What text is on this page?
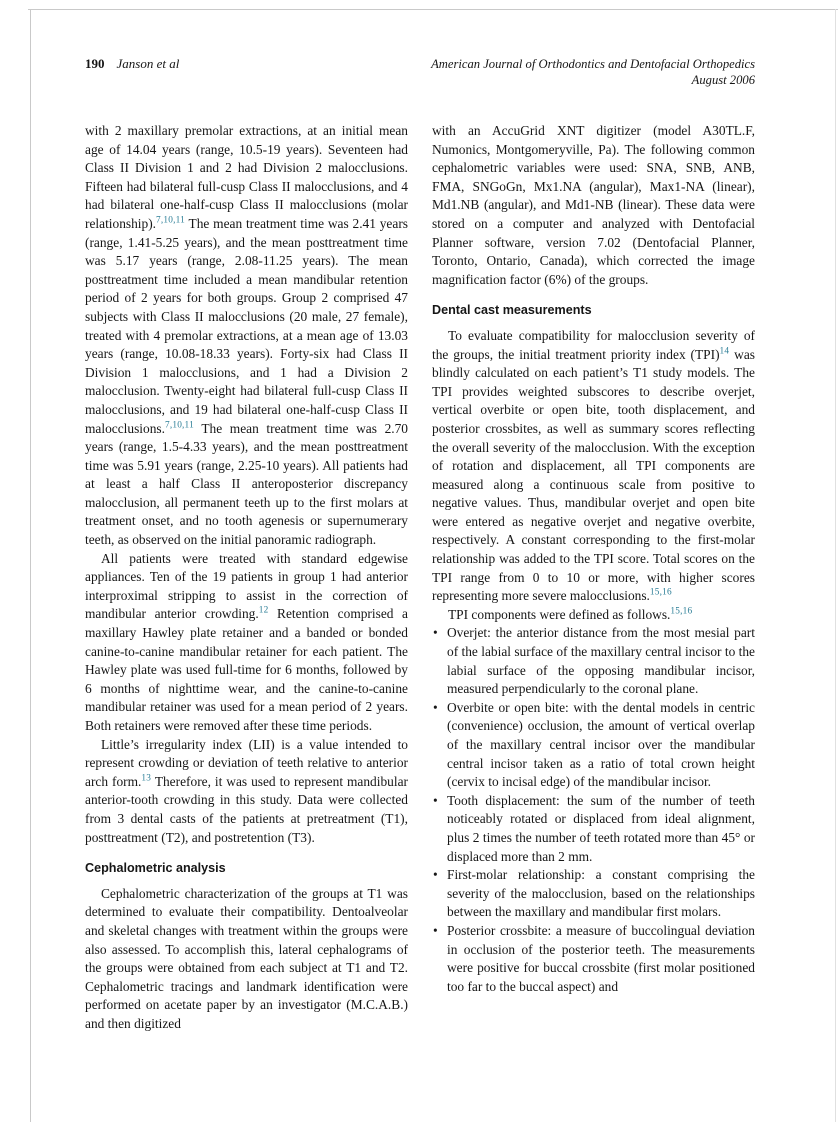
190 Janson et al	American Journal of Orthodontics and Dentofacial Orthopedics
August 2006

with 2 maxillary premolar extractions, at an initial mean age of 14.04 years (range, 10.5-19 years). Seventeen had Class II Division 1 and 2 had Division 2 malocclusions. Fifteen had bilateral full-cusp Class II malocclusions, and 4 had bilateral one-half-cusp Class II malocclusions (molar relationship).$^{7,10,11}$ The mean treatment time was 2.41 years (range, 1.41-5.25 years), and the mean posttreatment time was 5.17 years (range, 2.08-11.25 years). The mean posttreatment time included a mean mandibular retention period of 2 years for both groups. Group 2 comprised 47 subjects with Class II malocclusions (20 male, 27 female), treated with 4 premolar extractions, at a mean age of 13.03 years (range, 10.08-18.33 years). Forty-six had Class II Division 1 malocclusions, and 1 had a Division 2 malocclusion. Twenty-eight had bilateral full-cusp Class II malocclusions, and 19 had bilateral one-half-cusp Class II malocclusions.$^{7,10,11}$ The mean treatment time was 2.70 years (range, 1.5-4.33 years), and the mean posttreatment time was 5.91 years (range, 2.25-10 years). All patients had at least a half Class II anteroposterior discrepancy malocclusion, all permanent teeth up to the first molars at treatment onset, and no tooth agenesis or supernumerary teeth, as observed on the initial panoramic radiograph.

All patients were treated with standard edgewise appliances. Ten of the 19 patients in group 1 had anterior interproximal stripping to assist in the correction of mandibular anterior crowding.$^{12}$ Retention comprised a maxillary Hawley plate retainer and a banded or bonded canine-to-canine mandibular retainer for each patient. The Hawley plate was used full-time for 6 months, followed by 6 months of nighttime wear, and the canine-to-canine mandibular retainer was used for a mean period of 2 years. Both retainers were removed after these time periods.

Little’s irregularity index (LII) is a value intended to represent crowding or deviation of teeth relative to anterior arch form.$^{13}$ Therefore, it was used to represent mandibular anterior-tooth crowding in this study. Data were collected from 3 dental casts of the patients at pretreatment (T1), posttreatment (T2), and postretention (T3).

Cephalometric analysis

Cephalometric characterization of the groups at T1 was determined to evaluate their compatibility. Dentoalveolar and skeletal changes with treatment within the groups were also assessed. To accomplish this, lateral cephalograms of the groups were obtained from each subject at T1 and T2. Cephalometric tracings and landmark identification were performed on acetate paper by an investigator (M.C.A.B.) and then digitized

with an AccuGrid XNT digitizer (model A30TL.F, Numonics, Montgomeryville, Pa). The following common cephalometric variables were used: SNA, SNB, ANB, FMA, SNGoGn, Mx1.NA (angular), Max1-NA (linear), Md1.NB (angular), and Md1-NB (linear). These data were stored on a computer and analyzed with Dentofacial Planner software, version 7.02 (Dentofacial Planner, Toronto, Ontario, Canada), which corrected the image magnification factor (6%) of the groups.

Dental cast measurements

To evaluate compatibility for malocclusion severity of the groups, the initial treatment priority index (TPI)$^{14}$ was blindly calculated on each patient’s T1 study models. The TPI provides weighted subscores to describe overjet, vertical overbite or open bite, tooth displacement, and posterior crossbites, as well as summary scores reflecting the overall severity of the malocclusion. With the exception of rotation and displacement, all TPI components are measured along a continuous scale from positive to negative values. Thus, mandibular overjet and open bite were entered as negative overjet and negative overbite, respectively. A constant corresponding to the first-molar relationship was added to the TPI score. Total scores on the TPI range from 0 to 10 or more, with higher scores representing more severe malocclusions.$^{15,16}$

TPI components were defined as follows.$^{15,16}$

• Overjet: the anterior distance from the most mesial part of the labial surface of the maxillary central incisor to the labial surface of the opposing mandibular incisor, measured perpendicularly to the coronal plane.

• Overbite or open bite: with the dental models in centric (convenience) occlusion, the amount of vertical overlap of the maxillary central incisor over the mandibular central incisor taken as a ratio of total crown height (cervix to incisal edge) of the mandibular incisor.

• Tooth displacement: the sum of the number of teeth noticeably rotated or displaced from ideal alignment, plus 2 times the number of teeth rotated more than 45° or displaced more than 2 mm.

• First-molar relationship: a constant comprising the severity of the malocclusion, based on the relationships between the maxillary and mandibular first molars.

• Posterior crossbite: a measure of buccolingual deviation in occlusion of the posterior teeth. The measurements were positive for buccal crossbite (first molar positioned too far to the buccal aspect) and
